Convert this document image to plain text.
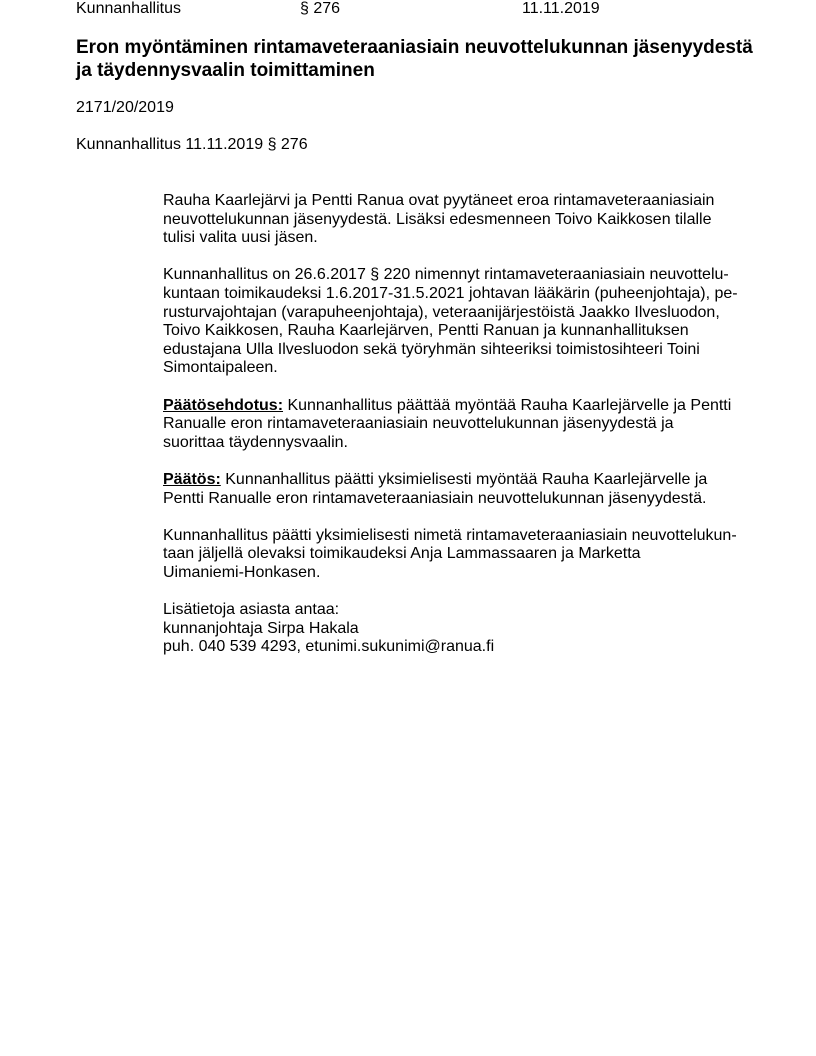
Kunnanhallitus	§ 276	11.11.2019
Eron myöntäminen rintamaveteraaniasiain neuvottelukunnan jäsenyydestä
ja täydennysvaalin toimittaminen
2171/20/2019
Kunnanhallitus 11.11.2019 § 276

Rauha Kaarlejärvi ja Pentti Ranua ovat pyytäneet eroa rintamaveteraaniasiain
neuvottelukunnan jäsenyydestä. Lisäksi edesmenneen Toivo Kaikkosen tilalle
tulisi valita uusi jäsen.

Kunnanhallitus on 26.6.2017 § 220 nimennyt rintamaveteraaniasiain neuvottelu-
kuntaan toimikaudeksi 1.6.2017-31.5.2021 johtavan lääkärin (puheenjohtaja), pe-
rusturvajohtajan (varapuheenjohtaja), veteraanijärjestöistä Jaakko Ilvesluodon,
Toivo Kaikkosen, Rauha Kaarlejärven, Pentti Ranuan ja kunnanhallituksen
edustajana Ulla Ilvesluodon sekä työryhmän sihteeriksi toimistosihteeri Toini
Simontaipaleen.

Päätösehdotus: Kunnanhallitus päättää myöntää Rauha Kaarlejärvelle ja Pentti
Ranualle eron rintamaveteraaniasiain neuvottelukunnan jäsenyydestä ja
suorittaa täydennysvaalin.

Päätös: Kunnanhallitus päätti yksimielisesti myöntää Rauha Kaarlejärvelle ja
Pentti Ranualle eron rintamaveteraaniasiain neuvottelukunnan jäsenyydestä.

Kunnanhallitus päätti yksimielisesti nimetä rintamaveteraaniasiain neuvottelukun-
taan jäljellä olevaksi toimikaudeksi Anja Lammassaaren ja Marketta
Uimaniemi-Honkasen.

Lisätietoja asiasta antaa:
kunnanjohtaja Sirpa Hakala
puh. 040 539 4293, etunimi.sukunimi@ranua.fi
